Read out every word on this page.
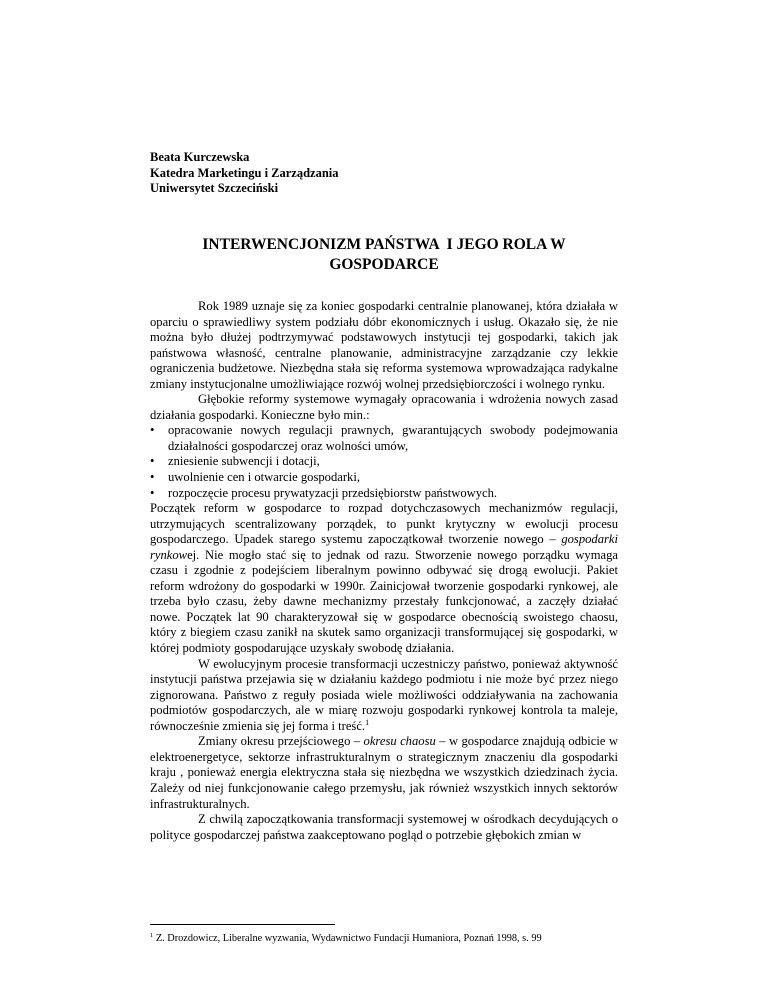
Beata Kurczewska
Katedra Marketingu i Zarządzania
Uniwersytet Szczeciński
INTERWENCJONIZM PAŃSTWA  I JEGO ROLA W
GOSPODARCE

Rok 1989 uznaje się za koniec gospodarki centralnie planowanej, która działała w oparciu o sprawiedliwy system podziału dóbr ekonomicznych i usług. Okazało się, że nie można było dłużej podtrzymywać podstawowych instytucji tej gospodarki, takich jak państwowa własność, centralne planowanie, administracyjne zarządzanie czy lekkie ograniczenia budżetowe. Niezbędna stała się reforma systemowa wprowadzająca radykalne zmiany instytucjonalne umożliwiające rozwój wolnej przedsiębiorczości i wolnego rynku.

Głębokie reformy systemowe wymagały opracowania i wdrożenia nowych zasad działania gospodarki. Konieczne było min.:

• opracowanie nowych regulacji prawnych, gwarantujących swobody podejmowania działalności gospodarczej oraz wolności umów,
• zniesienie subwencji i dotacji,
• uwolnienie cen i otwarcie gospodarki,
• rozpoczęcie procesu prywatyzacji przedsiębiorstw państwowych.

Początek reform w gospodarce to rozpad dotychczasowych mechanizmów regulacji, utrzymujących scentralizowany porządek, to punkt krytyczny w ewolucji procesu gospodarczego. Upadek starego systemu zapoczątkował tworzenie nowego – gospodarki rynkowej. Nie mogło stać się to jednak od razu. Stworzenie nowego porządku wymaga czasu i zgodnie z podejściem liberalnym powinno odbywać się drogą ewolucji. Pakiet reform wdrożony do gospodarki w 1990r. Zainicjował tworzenie gospodarki rynkowej, ale trzeba było czasu, żeby dawne mechanizmy przestały funkcjonować, a zaczęły działać nowe. Początek lat 90 charakteryzował się w gospodarce obecnością swoistego chaosu, który z biegiem czasu zanikł na skutek samo organizacji transformującej się gospodarki, w której podmioty gospodarujące uzyskały swobodę działania.

W ewolucyjnym procesie transformacji uczestniczy państwo, ponieważ aktywność instytucji państwa przejawia się w działaniu każdego podmiotu i nie może być przez niego zignorowana. Państwo z reguły posiada wiele możliwości oddziaływania na zachowania podmiotów gospodarczych, ale w miarę rozwoju gospodarki rynkowej kontrola ta maleje, równocześnie zmienia się jej forma i treść.$^1$

Zmiany okresu przejściowego – okresu chaosu – w gospodarce znajdują odbicie w elektroenergetyce, sektorze infrastrukturalnym o strategicznym znaczeniu dla gospodarki kraju , ponieważ energia elektryczna stała się niezbędna we wszystkich dziedzinach życia. Zależy od niej funkcjonowanie całego przemysłu, jak również wszystkich innych sektorów infrastrukturalnych.

Z chwilą zapoczątkowania transformacji systemowej w ośrodkach decydujących o polityce gospodarczej państwa zaakceptowano pogląd o potrzebie głębokich zmian w

$^1$ Z. Drozdowicz, Liberalne wyzwania, Wydawnictwo Fundacji Humaniora, Poznań 1998, s. 99
